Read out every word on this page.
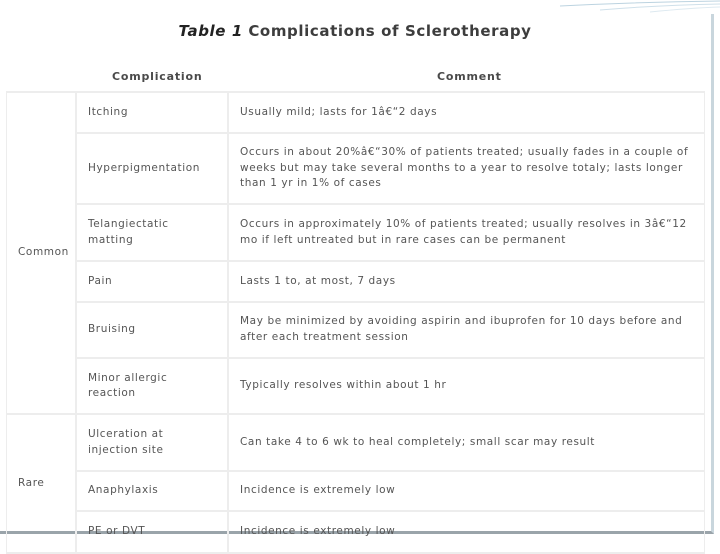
Table 1 Complications of Sclerotherapy
Complication	Comment
Common	Itching	Usually mild; lasts for 1â€“2 days
	Hyperpigmentation	Occurs in about 20%â€“30% of patients treated; usually fades in a couple of weeks but may take several months to a year to resolve totaly; lasts longer than 1 yr in 1% of cases
	Telangiectatic matting	Occurs in approximately 10% of patients treated; usually resolves in 3â€“12 mo if left untreated but in rare cases can be permanent
	Pain	Lasts 1 to, at most, 7 days
	Bruising	May be minimized by avoiding aspirin and ibuprofen for 10 days before and after each treatment session
	Minor allergic reaction	Typically resolves within about 1 hr
Rare	Ulceration at injection site	Can take 4 to 6 wk to heal completely; small scar may result
	Anaphylaxis	Incidence is extremely low
	PE or DVT	Incidence is extremely low
